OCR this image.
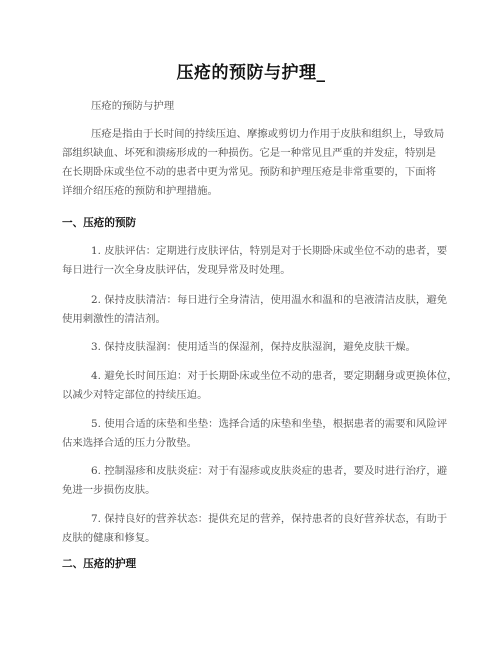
压疮的预防与护理_

压疮的预防与护理

压疮是指由于长时间的持续压迫、摩擦或剪切力作用于皮肤和组织上，导致局
部组织缺血、坏死和溃疡形成的一种损伤。它是一种常见且严重的并发症，特别是
在长期卧床或坐位不动的患者中更为常见。预防和护理压疮是非常重要的，下面将
详细介绍压疮的预防和护理措施。

一、压疮的预防

1. 皮肤评估：定期进行皮肤评估，特别是对于长期卧床或坐位不动的患者，要
每日进行一次全身皮肤评估，发现异常及时处理。

2. 保持皮肤清洁：每日进行全身清洁，使用温水和温和的皂液清洁皮肤，避免
使用刺激性的清洁剂。

3. 保持皮肤湿润：使用适当的保湿剂，保持皮肤湿润，避免皮肤干燥。

4. 避免长时间压迫：对于长期卧床或坐位不动的患者，要定期翻身或更换体位，
以减少对特定部位的持续压迫。

5. 使用合适的床垫和坐垫：选择合适的床垫和坐垫，根据患者的需要和风险评
估来选择合适的压力分散垫。

6. 控制湿疹和皮肤炎症：对于有湿疹或皮肤炎症的患者，要及时进行治疗，避
免进一步损伤皮肤。

7. 保持良好的营养状态：提供充足的营养，保持患者的良好营养状态，有助于
皮肤的健康和修复。

二、压疮的护理
